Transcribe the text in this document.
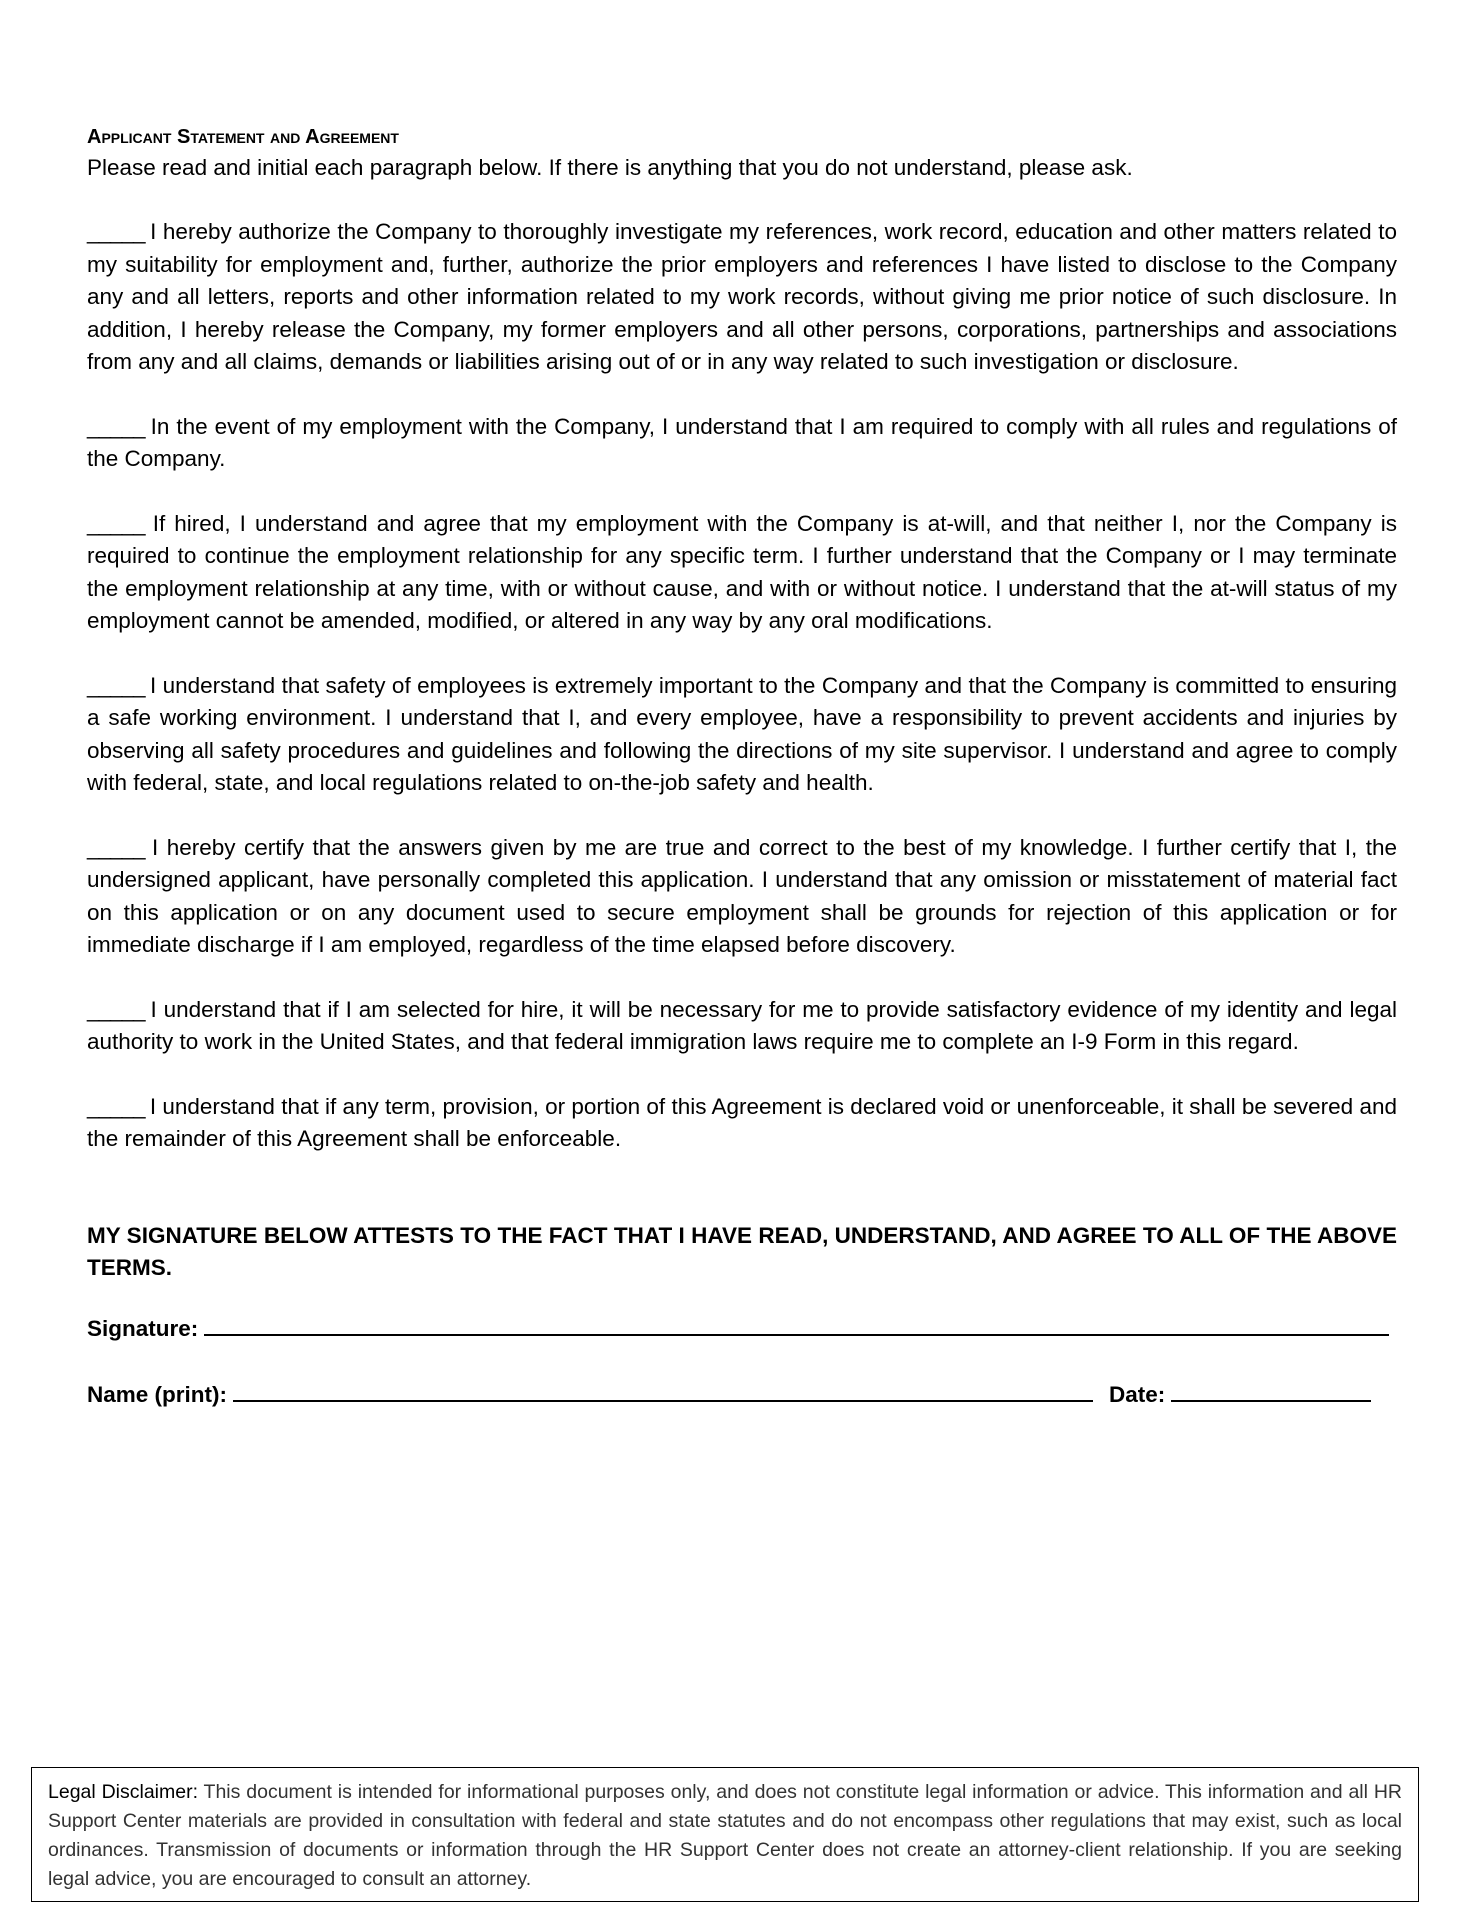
Applicant Statement and Agreement
Please read and initial each paragraph below. If there is anything that you do not understand, please ask.
_____ I hereby authorize the Company to thoroughly investigate my references, work record, education and other matters related to my suitability for employment and, further, authorize the prior employers and references I have listed to disclose to the Company any and all letters, reports and other information related to my work records, without giving me prior notice of such disclosure. In addition, I hereby release the Company, my former employers and all other persons, corporations, partnerships and associations from any and all claims, demands or liabilities arising out of or in any way related to such investigation or disclosure.
_____ In the event of my employment with the Company, I understand that I am required to comply with all rules and regulations of the Company.
_____ If hired, I understand and agree that my employment with the Company is at-will, and that neither I, nor the Company is required to continue the employment relationship for any specific term. I further understand that the Company or I may terminate the employment relationship at any time, with or without cause, and with or without notice. I understand that the at-will status of my employment cannot be amended, modified, or altered in any way by any oral modifications.
_____ I understand that safety of employees is extremely important to the Company and that the Company is committed to ensuring a safe working environment. I understand that I, and every employee, have a responsibility to prevent accidents and injuries by observing all safety procedures and guidelines and following the directions of my site supervisor. I understand and agree to comply with federal, state, and local regulations related to on-the-job safety and health.
_____ I hereby certify that the answers given by me are true and correct to the best of my knowledge. I further certify that I, the undersigned applicant, have personally completed this application. I understand that any omission or misstatement of material fact on this application or on any document used to secure employment shall be grounds for rejection of this application or for immediate discharge if I am employed, regardless of the time elapsed before discovery.
_____ I understand that if I am selected for hire, it will be necessary for me to provide satisfactory evidence of my identity and legal authority to work in the United States, and that federal immigration laws require me to complete an I-9 Form in this regard.
_____ I understand that if any term, provision, or portion of this Agreement is declared void or unenforceable, it shall be severed and the remainder of this Agreement shall be enforceable.
MY SIGNATURE BELOW ATTESTS TO THE FACT THAT I HAVE READ, UNDERSTAND, AND AGREE TO ALL OF THE ABOVE TERMS.
Signature:
Name (print):	Date:
Legal Disclaimer: This document is intended for informational purposes only, and does not constitute legal information or advice. This information and all HR Support Center materials are provided in consultation with federal and state statutes and do not encompass other regulations that may exist, such as local ordinances. Transmission of documents or information through the HR Support Center does not create an attorney-client relationship. If you are seeking legal advice, you are encouraged to consult an attorney.
